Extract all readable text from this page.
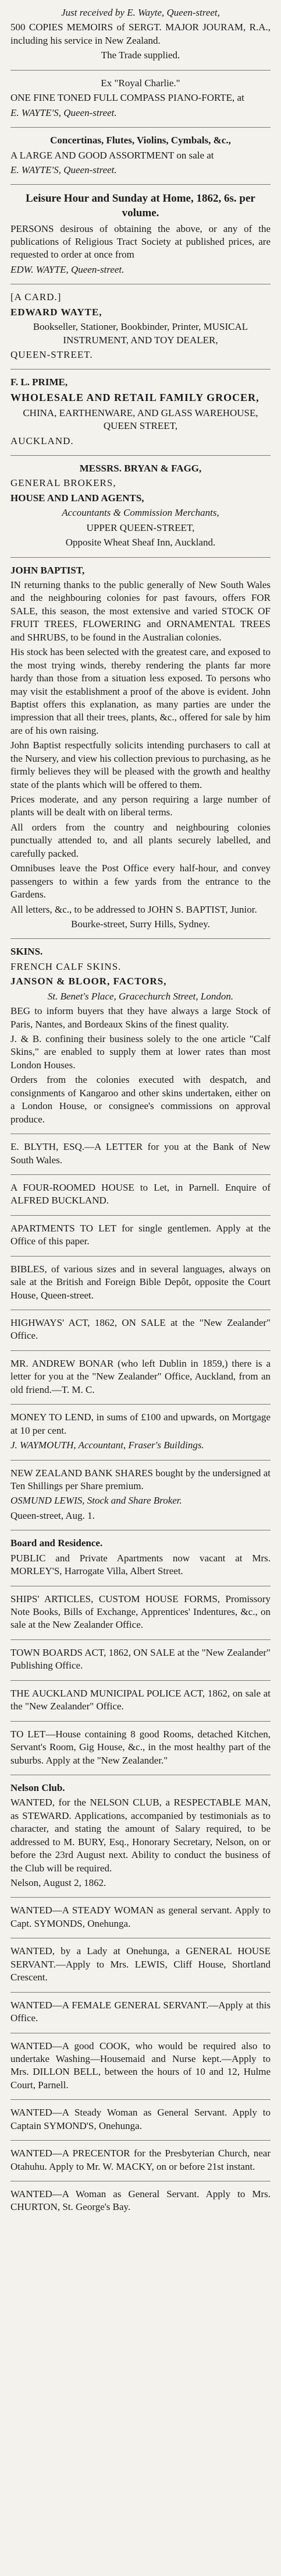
Just received by E. Wayte, Queen-street,

500 COPIES MEMOIRS of SERGT. MAJOR JOURAM, R.A., including his service in New Zealand.

The Trade supplied.

Ex "Royal Charlie."

ONE FINE TONED FULL COMPASS PIANO-FORTE, at

E. WAYTE'S, Queen-street.

Concertinas, Flutes, Violins, Cymbals, &c.,

A LARGE AND GOOD ASSORTMENT on sale at

E. WAYTE'S, Queen-street.

Leisure Hour and Sunday at Home, 1862, 6s. per volume.

PERSONS desirous of obtaining the above, or any of the publications of Religious Tract Society at published prices, are requested to order at once from

EDW. WAYTE, Queen-street.

[A CARD.]

EDWARD WAYTE,

Bookseller, Stationer, Bookbinder, Printer, MUSICAL INSTRUMENT, AND TOY DEALER,

QUEEN-STREET.

F. L. PRIME,

WHOLESALE AND RETAIL FAMILY GROCER,

CHINA, EARTHENWARE, AND GLASS WAREHOUSE, QUEEN STREET,

AUCKLAND.

MESSRS. BRYAN & FAGG,

GENERAL BROKERS,

HOUSE AND LAND AGENTS,

Accountants & Commission Merchants,

UPPER QUEEN-STREET,

Opposite Wheat Sheaf Inn, Auckland.

JOHN BAPTIST,

IN returning thanks to the public generally of New South Wales and the neighbouring colonies for past favours, offers FOR SALE, this season, the most extensive and varied STOCK OF FRUIT TREES, FLOWERING and ORNAMENTAL TREES and SHRUBS, to be found in the Australian colonies.

His stock has been selected with the greatest care, and exposed to the most trying winds, thereby rendering the plants far more hardy than those from a situation less exposed. To persons who may visit the establishment a proof of the above is evident. John Baptist offers this explanation, as many parties are under the impression that all their trees, plants, &c., offered for sale by him are of his own raising.

John Baptist respectfully solicits intending purchasers to call at the Nursery, and view his collection previous to purchasing, as he firmly believes they will be pleased with the growth and healthy state of the plants which will be offered to them.

Prices moderate, and any person requiring a large number of plants will be dealt with on liberal terms.

All orders from the country and neighbouring colonies punctually attended to, and all plants securely labelled, and carefully packed.

Omnibuses leave the Post Office every half-hour, and convey passengers to within a few yards from the entrance to the Gardens.

All letters, &c., to be addressed to JOHN S. BAPTIST, Junior.

Bourke-street, Surry Hills, Sydney.

SKINS.

FRENCH CALF SKINS.

JANSON & BLOOR, FACTORS,

St. Benet's Place, Gracechurch Street, London.

BEG to inform buyers that they have always a large Stock of Paris, Nantes, and Bordeaux Skins of the finest quality.

J. & B. confining their business solely to the one article "Calf Skins," are enabled to supply them at lower rates than most London Houses.

Orders from the colonies executed with despatch, and consignments of Kangaroo and other skins undertaken, either on a London House, or consignee's commissions on approval produce.

E. BLYTH, ESQ.—A LETTER for you at the Bank of New South Wales.

A FOUR-ROOMED HOUSE to Let, in Parnell. Enquire of ALFRED BUCKLAND.

APARTMENTS TO LET for single gentlemen. Apply at the Office of this paper.

BIBLES, of various sizes and in several languages, always on sale at the British and Foreign Bible Depôt, opposite the Court House, Queen-street.

HIGHWAYS' ACT, 1862, ON SALE at the "New Zealander" Office.

MR. ANDREW BONAR (who left Dublin in 1859,) there is a letter for you at the "New Zealander" Office, Auckland, from an old friend.—T. M. C.

MONEY TO LEND, in sums of £100 and upwards, on Mortgage at 10 per cent.

J. WAYMOUTH, Accountant, Fraser's Buildings.

NEW ZEALAND BANK SHARES bought by the undersigned at Ten Shillings per Share premium.

OSMUND LEWIS, Stock and Share Broker.

Queen-street, Aug. 1.

Board and Residence.

PUBLIC and Private Apartments now vacant at Mrs. MORLEY'S, Harrogate Villa, Albert Street.

SHIPS' ARTICLES, CUSTOM HOUSE FORMS, Promissory Note Books, Bills of Exchange, Apprentices' Indentures, &c., on sale at the New Zealander Office.

TOWN BOARDS ACT, 1862, ON SALE at the "New Zealander" Publishing Office.

THE AUCKLAND MUNICIPAL POLICE ACT, 1862, on sale at the "New Zealander" Office.

TO LET—House containing 8 good Rooms, detached Kitchen, Servant's Room, Gig House, &c., in the most healthy part of the suburbs. Apply at the "New Zealander."

Nelson Club.

WANTED, for the NELSON CLUB, a RESPECTABLE MAN, as STEWARD. Applications, accompanied by testimonials as to character, and stating the amount of Salary required, to be addressed to M. BURY, Esq., Honorary Secretary, Nelson, on or before the 23rd August next. Ability to conduct the business of the Club will be required.

Nelson, August 2, 1862.

WANTED—A STEADY WOMAN as general servant. Apply to Capt. SYMONDS, Onehunga.

WANTED, by a Lady at Onehunga, a GENERAL HOUSE SERVANT.—Apply to Mrs. LEWIS, Cliff House, Shortland Crescent.

WANTED—A FEMALE GENERAL SERVANT.—Apply at this Office.

WANTED—A good COOK, who would be required also to undertake Washing—Housemaid and Nurse kept.—Apply to Mrs. DILLON BELL, between the hours of 10 and 12, Hulme Court, Parnell.

WANTED—A Steady Woman as General Servant. Apply to Captain SYMOND'S, Onehunga.

WANTED—A PRECENTOR for the Presbyterian Church, near Otahuhu. Apply to Mr. W. MACKY, on or before 21st instant.

WANTED—A Woman as General Servant. Apply to Mrs. CHURTON, St. George's Bay.
